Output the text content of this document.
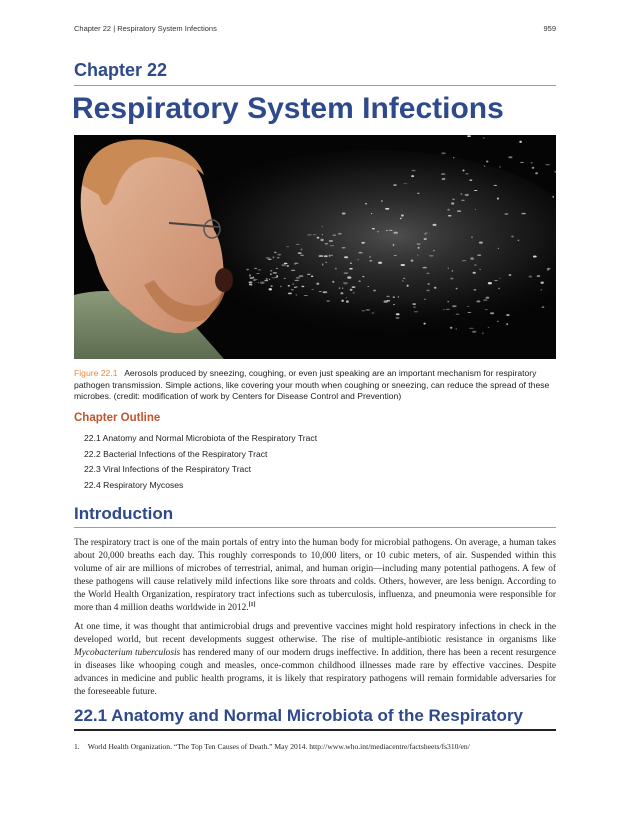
Chapter 22 | Respiratory System Infections	959
Chapter 22
Respiratory System Infections
Figure 22.1 Aerosols produced by sneezing, coughing, or even just speaking are an important mechanism for respiratory pathogen transmission. Simple actions, like covering your mouth when coughing or sneezing, can reduce the spread of these microbes. (credit: modification of work by Centers for Disease Control and Prevention)
Chapter Outline
22.1 Anatomy and Normal Microbiota of the Respiratory Tract
22.2 Bacterial Infections of the Respiratory Tract
22.3 Viral Infections of the Respiratory Tract
22.4 Respiratory Mycoses
Introduction

The respiratory tract is one of the main portals of entry into the human body for microbial pathogens. On average, a human takes about 20,000 breaths each day. This roughly corresponds to 10,000 liters, or 10 cubic meters, of air. Suspended within this volume of air are millions of microbes of terrestrial, animal, and human origin—including many potential pathogens. A few of these pathogens will cause relatively mild infections like sore throats and colds. Others, however, are less benign. According to the World Health Organization, respiratory tract infections such as tuberculosis, influenza, and pneumonia were responsible for more than 4 million deaths worldwide in 2012.[1]

At one time, it was thought that antimicrobial drugs and preventive vaccines might hold respiratory infections in check in the developed world, but recent developments suggest otherwise. The rise of multiple-antibiotic resistance in organisms like Mycobacterium tuberculosis has rendered many of our modern drugs ineffective. In addition, there has been a recent resurgence in diseases like whooping cough and measles, once-common childhood illnesses made rare by effective vaccines. Despite advances in medicine and public health programs, it is likely that respiratory pathogens will remain formidable adversaries for the foreseeable future.

22.1 Anatomy and Normal Microbiota of the Respiratory
1. World Health Organization. “The Top Ten Causes of Death.” May 2014. http://www.who.int/mediacentre/factsheets/fs310/en/
